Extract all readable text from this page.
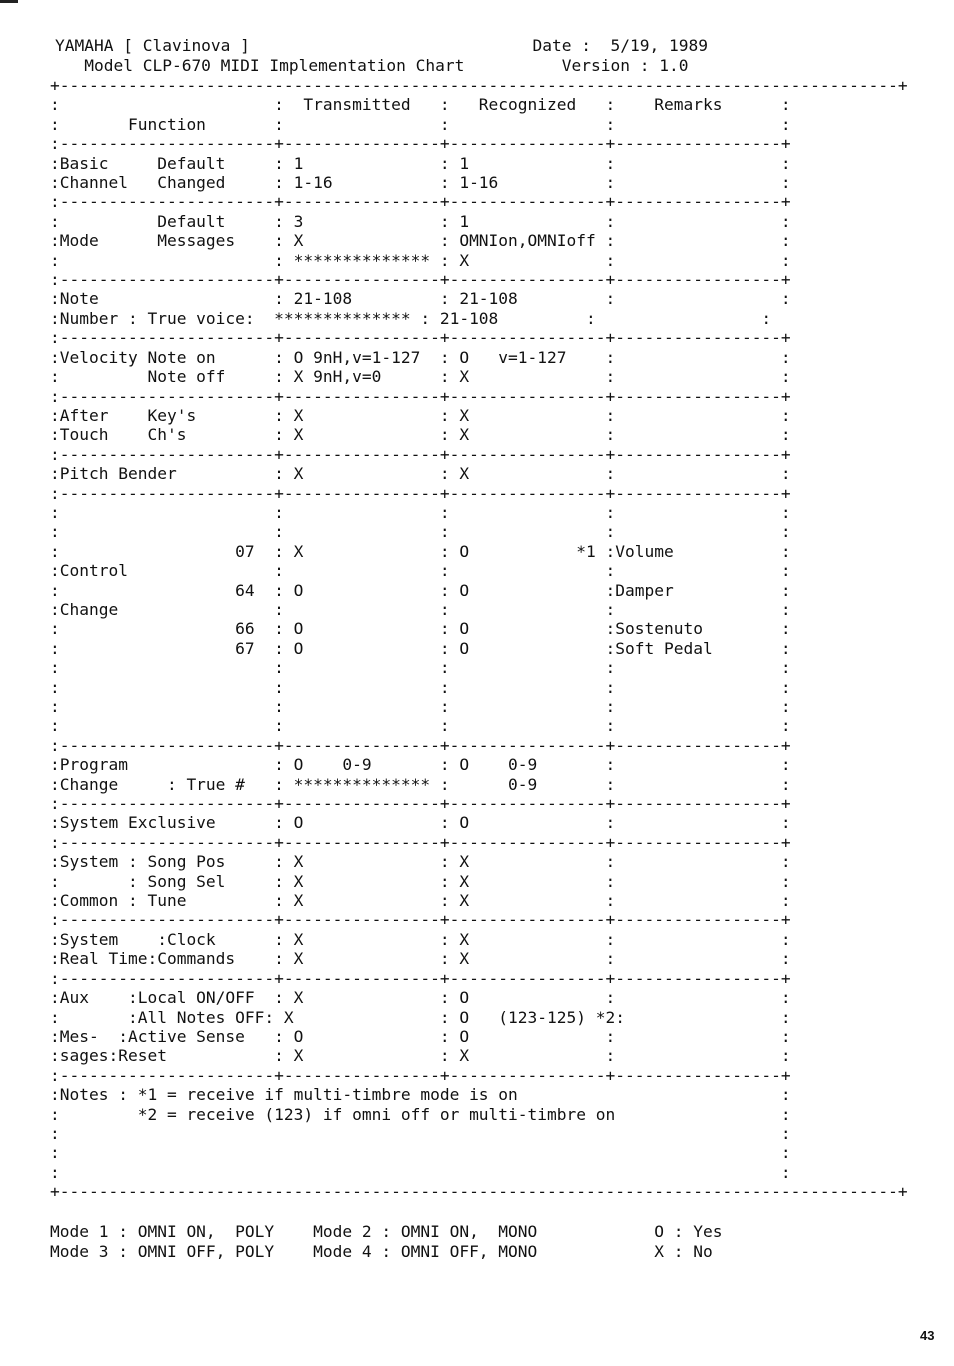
YAMAHA [ Clavinova ]                             Date :  5/19, 1989
Model CLP-670 MIDI Implementation Chart          Version : 1.0
+--------------------------------------------------------------------------------------+
:                      :  Transmitted   :   Recognized   :    Remarks      :
:       Function       :                :                :                 :
:----------------------+----------------+----------------+-----------------+
:Basic     Default     : 1              : 1              :                 :
:Channel   Changed     : 1-16           : 1-16           :                 :
:----------------------+----------------+----------------+-----------------+
:          Default     : 3              : 1              :                 :
:Mode      Messages    : X              : OMNIon,OMNIoff :                 :
:                      : ************** : X              :                 :
:----------------------+----------------+----------------+-----------------+
:Note                  : 21-108         : 21-108         :                 :
:Number : True voice:  ************** : 21-108         :                 :
:----------------------+----------------+----------------+-----------------+
:Velocity Note on      : O 9nH,v=1-127  : O   v=1-127    :                 :
:         Note off     : X 9nH,v=0      : X              :                 :
:----------------------+----------------+----------------+-----------------+
:After    Key's        : X              : X              :                 :
:Touch    Ch's         : X              : X              :                 :
:----------------------+----------------+----------------+-----------------+
:Pitch Bender          : X              : X              :                 :
:----------------------+----------------+----------------+-----------------+
:                      :                :                :                 :
:                      :                :                :                 :
:                  07  : X              : O           *1 :Volume           :
:Control               :                :                :                 :
:                  64  : O              : O              :Damper           :
:Change                :                :                :                 :
:                  66  : O              : O              :Sostenuto        :
:                  67  : O              : O              :Soft Pedal       :
:                      :                :                :                 :
:                      :                :                :                 :
:                      :                :                :                 :
:                      :                :                :                 :
:----------------------+----------------+----------------+-----------------+
:Program               : O    0-9       : O    0-9       :                 :
:Change     : True #   : ************** :      0-9       :                 :
:----------------------+----------------+----------------+-----------------+
:System Exclusive      : O              : O              :                 :
:----------------------+----------------+----------------+-----------------+
:System : Song Pos     : X              : X              :                 :
:       : Song Sel     : X              : X              :                 :
:Common : Tune         : X              : X              :                 :
:----------------------+----------------+----------------+-----------------+
:System    :Clock      : X              : X              :                 :
:Real Time:Commands    : X              : X              :                 :
:----------------------+----------------+----------------+-----------------+
:Aux    :Local ON/OFF  : X              : O              :                 :
:       :All Notes OFF: X               : O   (123-125) *2:                :
:Mes-  :Active Sense   : O              : O              :                 :
:sages:Reset           : X              : X              :                 :
:----------------------+----------------+----------------+-----------------+
:Notes : *1 = receive if multi-timbre mode is on                           :
:        *2 = receive (123) if omni off or multi-timbre on                 :
:                                                                          :
:                                                                          :
:                                                                          :
+--------------------------------------------------------------------------------------+

Mode 1 : OMNI ON,  POLY    Mode 2 : OMNI ON,  MONO            O : Yes
Mode 3 : OMNI OFF, POLY    Mode 4 : OMNI OFF, MONO            X : No
43
